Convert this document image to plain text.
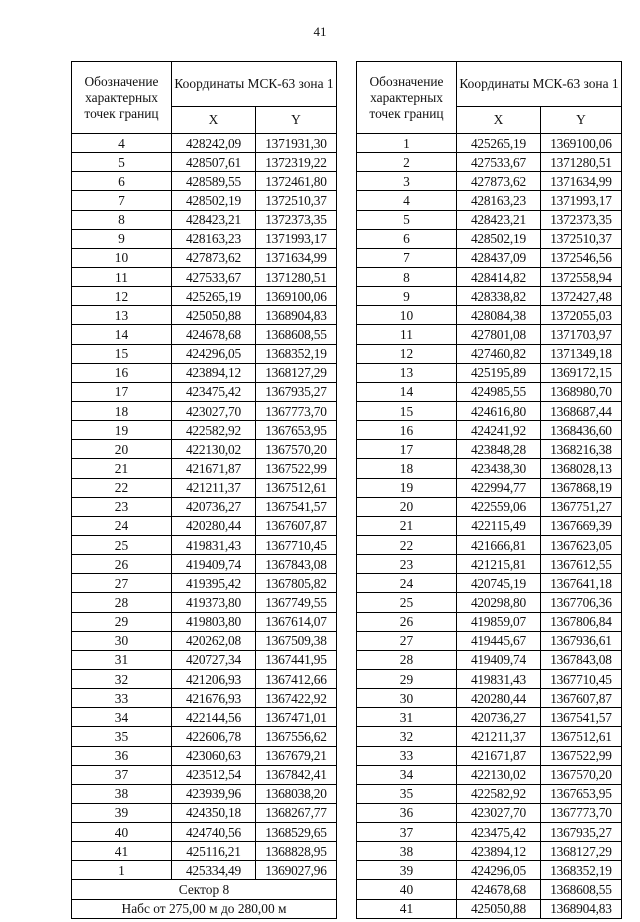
41
Обозначение характерных точек границ	Координаты МСК-63 зона 1	
	X	Y
4	428242,09	1371931,30
5	428507,61	1372319,22
6	428589,55	1372461,80
7	428502,19	1372510,37
8	428423,21	1372373,35
9	428163,23	1371993,17
10	427873,62	1371634,99
11	427533,67	1371280,51
12	425265,19	1369100,06
13	425050,88	1368904,83
14	424678,68	1368608,55
15	424296,05	1368352,19
16	423894,12	1368127,29
17	423475,42	1367935,27
18	423027,70	1367773,70
19	422582,92	1367653,95
20	422130,02	1367570,20
21	421671,87	1367522,99
22	421211,37	1367512,61
23	420736,27	1367541,57
24	420280,44	1367607,87
25	419831,43	1367710,45
26	419409,74	1367843,08
27	419395,42	1367805,82
28	419373,80	1367749,55
29	419803,80	1367614,07
30	420262,08	1367509,38
31	420727,34	1367441,95
32	421206,93	1367412,66
33	421676,93	1367422,92
34	422144,56	1367471,01
35	422606,78	1367556,62
36	423060,63	1367679,21
37	423512,54	1367842,41
38	423939,96	1368038,20
39	424350,18	1368267,77
40	424740,56	1368529,65
41	425116,21	1368828,95
1	425334,49	1369027,96
Сектор 8		
Набс от 275,00 м до 280,00 м		
Обозначение характерных точек границ	Координаты МСК-63 зона 1	
	X	Y
1	425265,19	1369100,06
2	427533,67	1371280,51
3	427873,62	1371634,99
4	428163,23	1371993,17
5	428423,21	1372373,35
6	428502,19	1372510,37
7	428437,09	1372546,56
8	428414,82	1372558,94
9	428338,82	1372427,48
10	428084,38	1372055,03
11	427801,08	1371703,97
12	427460,82	1371349,18
13	425195,89	1369172,15
14	424985,55	1368980,70
15	424616,80	1368687,44
16	424241,92	1368436,60
17	423848,28	1368216,38
18	423438,30	1368028,13
19	422994,77	1367868,19
20	422559,06	1367751,27
21	422115,49	1367669,39
22	421666,81	1367623,05
23	421215,81	1367612,55
24	420745,19	1367641,18
25	420298,80	1367706,36
26	419859,07	1367806,84
27	419445,67	1367936,61
28	419409,74	1367843,08
29	419831,43	1367710,45
30	420280,44	1367607,87
31	420736,27	1367541,57
32	421211,37	1367512,61
33	421671,87	1367522,99
34	422130,02	1367570,20
35	422582,92	1367653,95
36	423027,70	1367773,70
37	423475,42	1367935,27
38	423894,12	1368127,29
39	424296,05	1368352,19
40	424678,68	1368608,55
41	425050,88	1368904,83
